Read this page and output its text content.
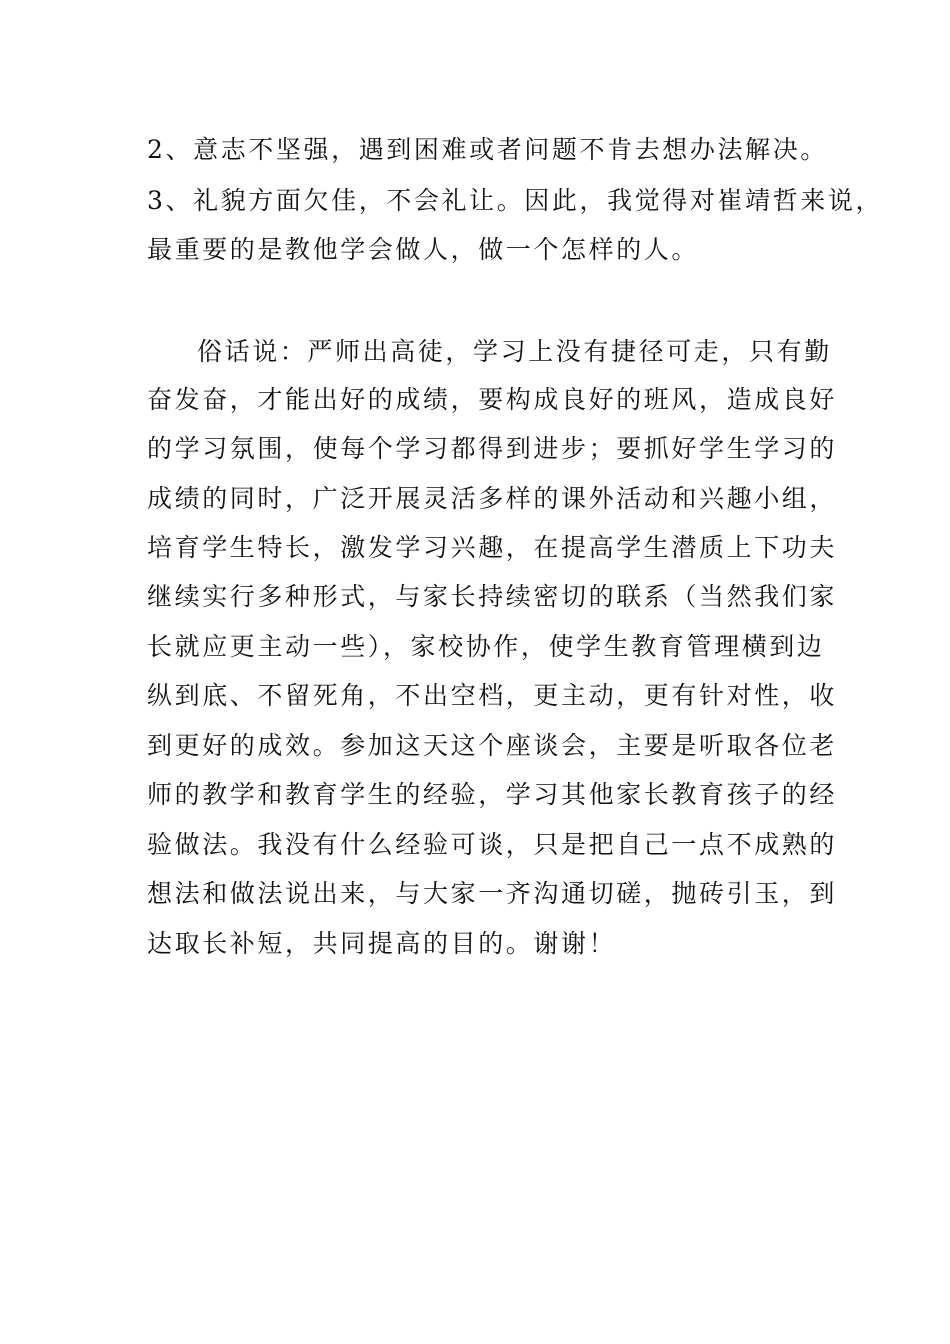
2、意志不坚强，遇到困难或者问题不肯去想办法解决。
3、礼貌方面欠佳，不会礼让。因此，我觉得对崔靖哲来说，
最重要的是教他学会做人，做一个怎样的人。
俗话说：严师出高徒，学习上没有捷径可走，只有勤
奋发奋，才能出好的成绩，要构成良好的班风，造成良好
的学习氛围，使每个学习都得到进步；要抓好学生学习的
成绩的同时，广泛开展灵活多样的课外活动和兴趣小组，
培育学生特长，激发学习兴趣，在提高学生潜质上下功夫
继续实行多种形式，与家长持续密切的联系（当然我们家
长就应更主动一些），家校协作，使学生教育管理横到边
纵到底、不留死角，不出空档，更主动，更有针对性，收
到更好的成效。参加这天这个座谈会，主要是听取各位老
师的教学和教育学生的经验，学习其他家长教育孩子的经
验做法。我没有什么经验可谈，只是把自己一点不成熟的
想法和做法说出来，与大家一齐沟通切磋，抛砖引玉，到
达取长补短，共同提高的目的。谢谢！
